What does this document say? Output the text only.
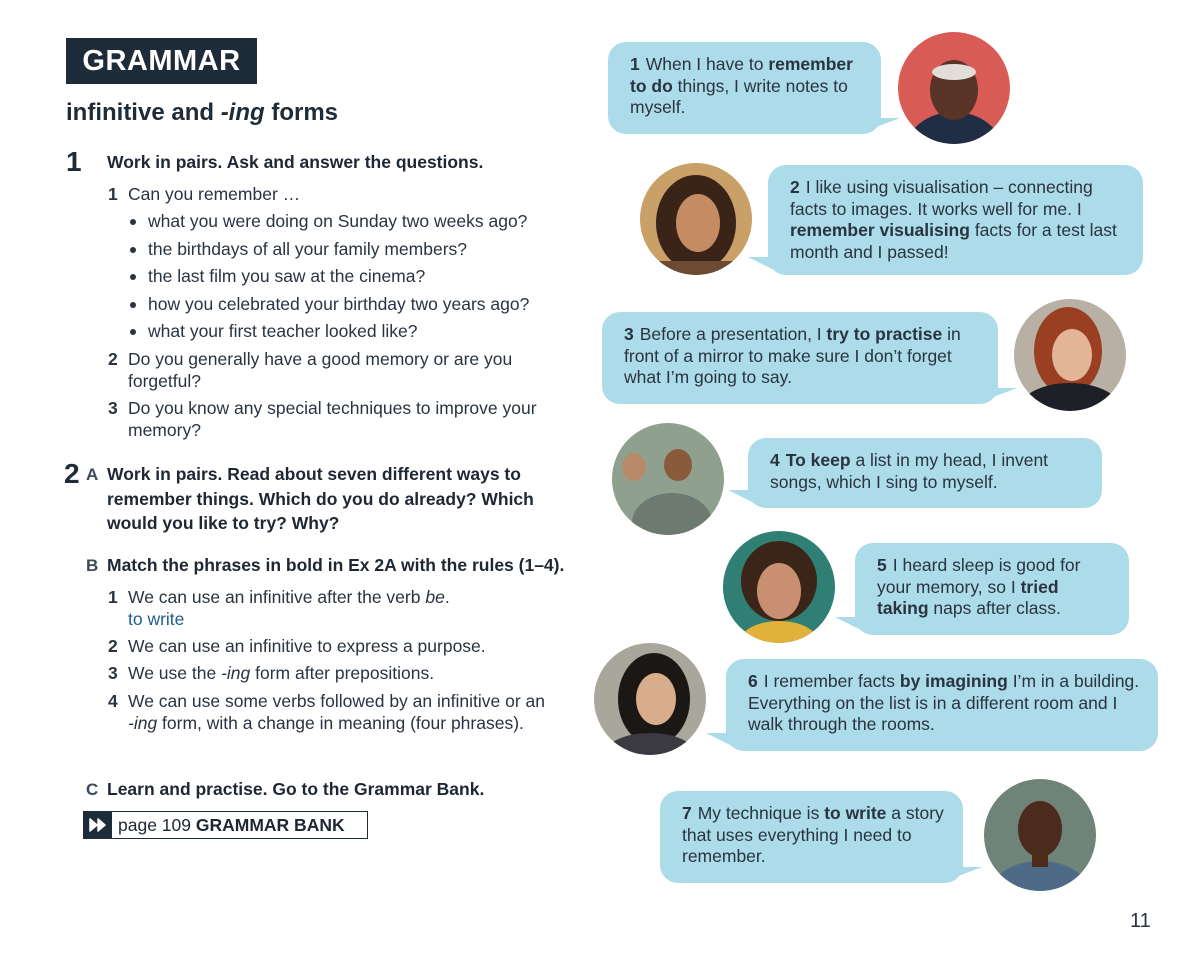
GRAMMAR
infinitive and -ing forms
1 Work in pairs. Ask and answer the questions.
1 Can you remember …
what you were doing on Sunday two weeks ago?
the birthdays of all your family members?
the last film you saw at the cinema?
how you celebrated your birthday two years ago?
what your first teacher looked like?
2 Do you generally have a good memory or are you forgetful?
3 Do you know any special techniques to improve your memory?
2 A Work in pairs. Read about seven different ways to remember things. Which do you do already? Which would you like to try? Why?
B Match the phrases in bold in Ex 2A with the rules (1–4).
1 We can use an infinitive after the verb be.
to write
2 We can use an infinitive to express a purpose.
3 We use the -ing form after prepositions.
4 We can use some verbs followed by an infinitive or an -ing form, with a change in meaning (four phrases).
C Learn and practise. Go to the Grammar Bank.
page 109 GRAMMAR BANK
1 When I have to remember to do things, I write notes to myself.
2 I like using visualisation – connecting facts to images. It works well for me. I remember visualising facts for a test last month and I passed!
3 Before a presentation, I try to practise in front of a mirror to make sure I don’t forget what I’m going to say.
4 To keep a list in my head, I invent songs, which I sing to myself.
5 I heard sleep is good for your memory, so I tried taking naps after class.
6 I remember facts by imagining I’m in a building. Everything on the list is in a different room and I walk through the rooms.
7 My technique is to write a story that uses everything I need to remember.
11
